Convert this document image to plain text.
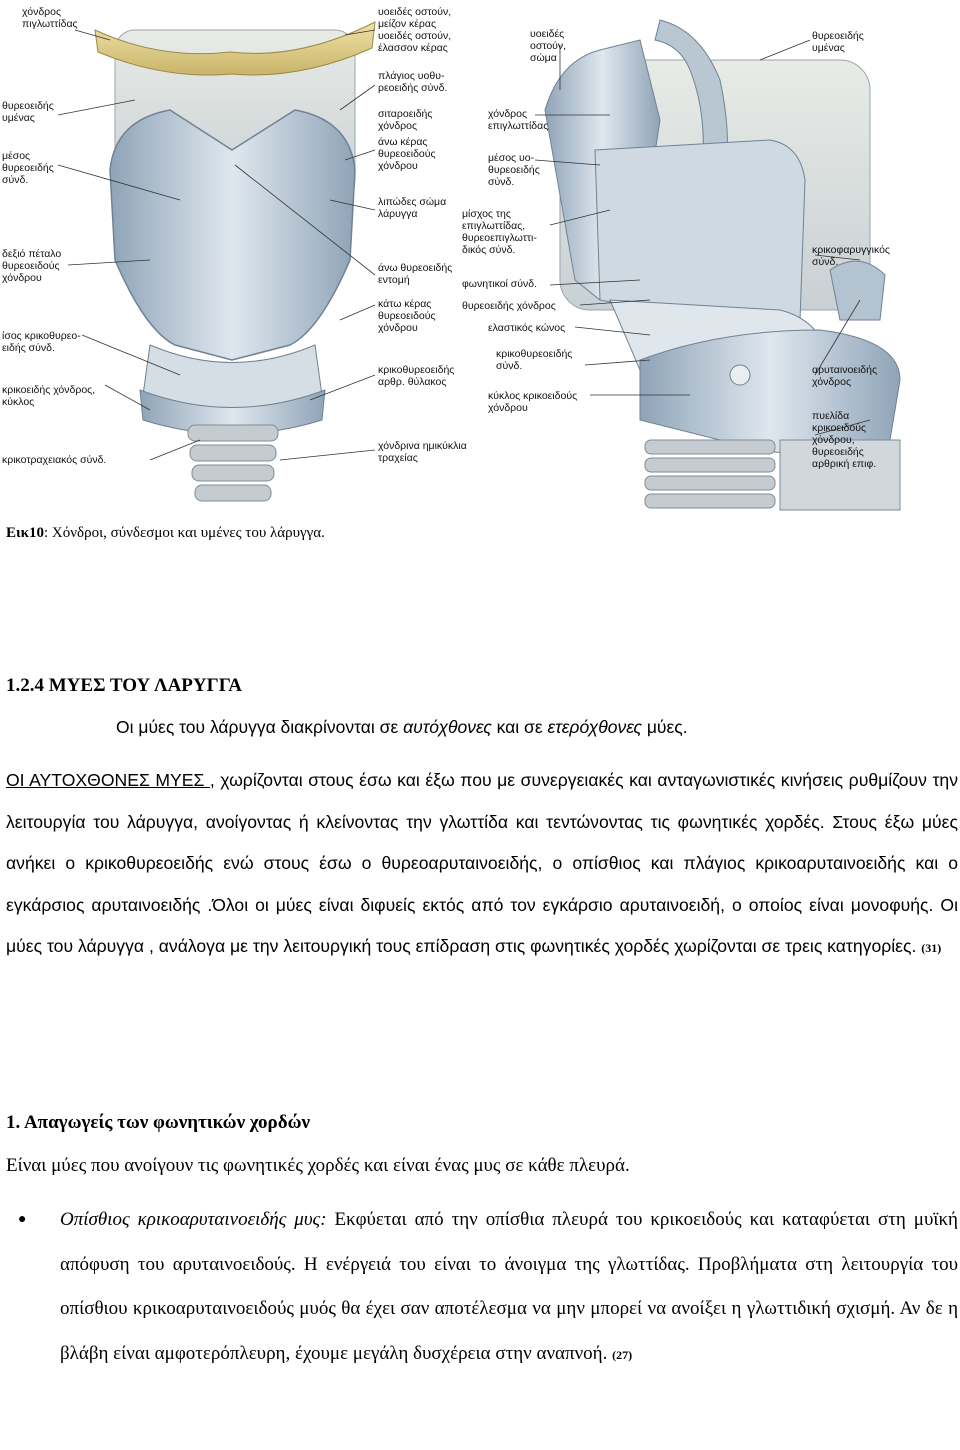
χόνδρος
πιγλωττίδας
θυρεοειδής
υμένας
μέσος
θυρεοειδής
σύνδ.
δεξιό πέταλο
θυρεοειδούς
χόνδρου
ίσος κρικοθυρεο-
ειδής σύνδ.
κρικοειδής χόνδρος,
κύκλος
κρικοτραχειακός σύνδ.
υοειδές οστούν,
μείζον κέρας
υοειδές οστούν,
έλασσον κέρας
πλάγιος υοθυ-
ρεοειδής σύνδ.
σιταροειδής
χόνδρος
άνω κέρας
θυρεοειδούς
χόνδρου
λιπώδες σώμα
λάρυγγα
άνω θυρεοειδής
εντομή
κάτω κέρας
θυρεοειδούς
χόνδρου
κρικοθυρεοειδής
αρθρ. θύλακος
χόνδρινα ημικύκλια
τραχείας
υοειδές
οστούν,
σώμα
χόνδρος
επιγλωττίδας
μέσος υο-
θυρεοειδής
σύνδ.
μίσχος της
επιγλωττίδας,
θυρεοεπιγλωττι-
δικός σύνδ.
φωνητικοί σύνδ.
θυρεοειδής χόνδρος
ελαστικός κώνος
κρικοθυρεοειδής
σύνδ.
κύκλος κρικοειδούς
χόνδρου
θυρεοειδής
υμένας
κρικοφαρυγγικός
σύνδ.
αρυταινοειδής
χόνδρος
πυελίδα
κρικοειδούς
χόνδρου,
θυρεοειδής
αρθρική επιφ.
Εικ10: Χόνδροι, σύνδεσμοι και υμένες του λάρυγγα.
1.2.4 ΜΥΕΣ ΤΟΥ ΛΑΡΥΓΓΑ
Οι μύες του λάρυγγα διακρίνονται σε αυτόχθονες και σε ετερόχθονες μύες.
ΟΙ ΑΥΤΟΧΘΟΝΕΣ ΜΥΕΣ , χωρίζονται στους έσω και έξω που με συνεργειακές και ανταγωνιστικές κινήσεις ρυθμίζουν την λειτουργία του λάρυγγα, ανοίγοντας ή κλείνοντας την γλωττίδα και τεντώνοντας τις φωνητικές χορδές. Στους έξω μύες ανήκει ο κρικοθυρεοειδής ενώ στους έσω ο θυρεοαρυταινοειδής, ο οπίσθιος και πλάγιος κρικοαρυταινοειδής και ο εγκάρσιος αρυταινοειδής .Όλοι οι μύες είναι διφυείς εκτός από τον εγκάρσιο αρυταινοειδή, ο οποίος είναι μονοφυής. Οι μύες του λάρυγγα , ανάλογα με την λειτουργική τους επίδραση στις φωνητικές χορδές χωρίζονται σε τρεις κατηγορίες. (31)
1. Απαγωγείς των φωνητικών χορδών
Είναι μύες που ανοίγουν τις φωνητικές χορδές και είναι ένας μυς σε κάθε πλευρά.
● Οπίσθιος κρικοαρυταινοειδής μυς: Εκφύεται από την οπίσθια πλευρά του κρικοειδούς και καταφύεται στη μυϊκή απόφυση του αρυταινοειδούς. Η ενέργειά του είναι το άνοιγμα της γλωττίδας. Προβλήματα στη λειτουργία του οπίσθιου κρικοαρυταινοειδούς μυός θα έχει σαν αποτέλεσμα να μην μπορεί να ανοίξει η γλωττιδική σχισμή. Αν δε η βλάβη είναι αμφοτερόπλευρη, έχουμε μεγάλη δυσχέρεια στην αναπνοή. (27)
